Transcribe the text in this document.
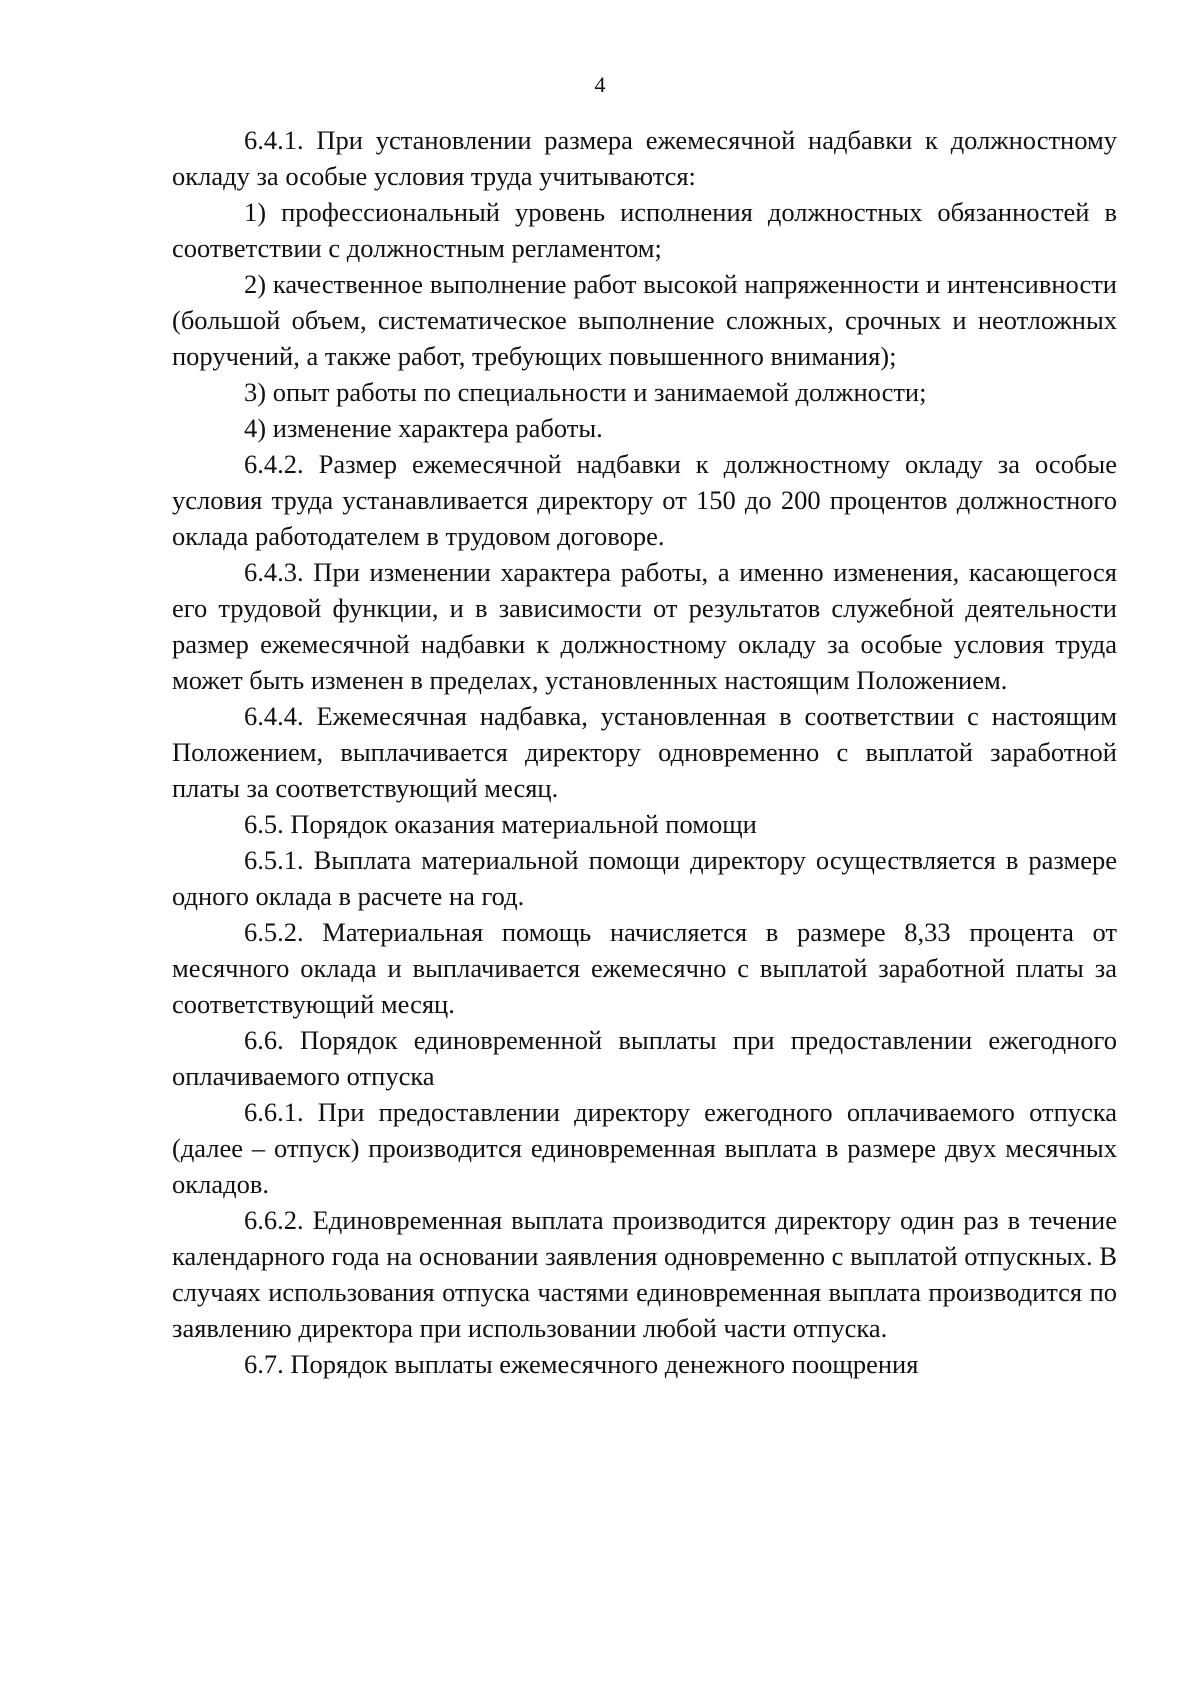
4

6.4.1. При установлении размера ежемесячной надбавки к должностному окладу за особые условия труда учитываются:

1) профессиональный уровень исполнения должностных обязанностей в соответствии с должностным регламентом;

2) качественное выполнение работ высокой напряженности и интенсивности (большой объем, систематическое выполнение сложных, срочных и неотложных поручений, а также работ, требующих повышенного внимания);

3) опыт работы по специальности и занимаемой должности;

4) изменение характера работы.

6.4.2. Размер ежемесячной надбавки к должностному окладу за особые условия труда устанавливается директору от 150 до 200 процентов должностного оклада работодателем в трудовом договоре.

6.4.3. При изменении характера работы, а именно изменения, касающегося его трудовой функции, и в зависимости от результатов служебной деятельности размер ежемесячной надбавки к должностному окладу за особые условия труда может быть изменен в пределах, установленных настоящим Положением.

6.4.4. Ежемесячная надбавка, установленная в соответствии с настоящим Положением, выплачивается директору одновременно с выплатой заработной платы за соответствующий месяц.

6.5. Порядок оказания материальной помощи

6.5.1. Выплата материальной помощи директору осуществляется в размере одного оклада в расчете на год.

6.5.2. Материальная помощь начисляется в размере 8,33 процента от месячного оклада и выплачивается ежемесячно с выплатой заработной платы за соответствующий месяц.

6.6. Порядок единовременной выплаты при предоставлении ежегодного оплачиваемого отпуска

6.6.1. При предоставлении директору ежегодного оплачиваемого отпуска (далее – отпуск) производится единовременная выплата в размере двух месячных окладов.

6.6.2. Единовременная выплата производится директору один раз в течение календарного года на основании заявления одновременно с выплатой отпускных. В случаях использования отпуска частями единовременная выплата производится по заявлению директора при использовании любой части отпуска.

6.7. Порядок выплаты ежемесячного денежного поощрения
